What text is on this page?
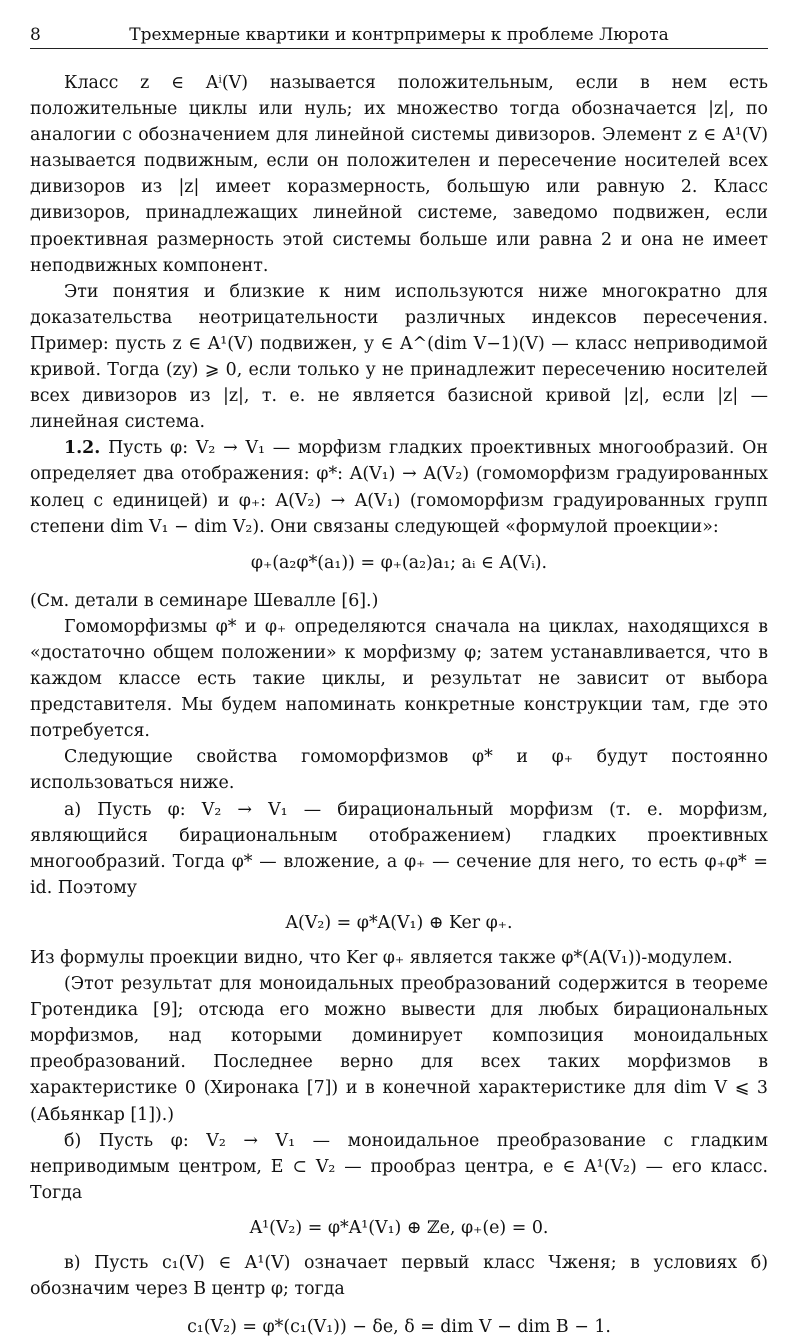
8	Трехмерные квартики и контрпримеры к проблеме Люрота

Класс z ∈ Aⁱ(V) называется положительным, если в нем есть положительные циклы или нуль; их множество тогда обозначается |z|, по аналогии с обозначением для линейной системы дивизоров. Элемент z ∈ A¹(V) называется подвижным, если он положителен и пересечение носителей всех дивизоров из |z| имеет коразмерность, большую или равную 2. Класс дивизоров, принадлежащих линейной системе, заведомо подвижен, если проективная размерность этой системы больше или равна 2 и она не имеет неподвижных компонент.

Эти понятия и близкие к ним используются ниже многократно для доказательства неотрицательности различных индексов пересечения. Пример: пусть z ∈ A¹(V) подвижен, y ∈ A^(dim V−1)(V) — класс неприводимой кривой. Тогда (zy) ⩾ 0, если только y не принадлежит пересечению носителей всех дивизоров из |z|, т. е. не является базисной кривой |z|, если |z| — линейная система.

1.2. Пусть φ: V₂ → V₁ — морфизм гладких проективных многообразий. Он определяет два отображения: φ*: A(V₁) → A(V₂) (гомоморфизм градуированных колец с единицей) и φ₊: A(V₂) → A(V₁) (гомоморфизм градуированных групп степени dim V₁ − dim V₂). Они связаны следующей «формулой проекции»:

φ₊(a₂φ*(a₁)) = φ₊(a₂)a₁; aᵢ ∈ A(Vᵢ).

(См. детали в семинаре Шевалле [6].)

Гомоморфизмы φ* и φ₊ определяются сначала на циклах, находящихся в «достаточно общем положении» к морфизму φ; затем устанавливается, что в каждом классе есть такие циклы, и результат не зависит от выбора представителя. Мы будем напоминать конкретные конструкции там, где это потребуется.

Следующие свойства гомоморфизмов φ* и φ₊ будут постоянно использоваться ниже.

а) Пусть φ: V₂ → V₁ — бирациональный морфизм (т. е. морфизм, являющийся бирациональным отображением) гладких проективных многообразий. Тогда φ* — вложение, а φ₊ — сечение для него, то есть φ₊φ* = id. Поэтому

A(V₂) = φ*A(V₁) ⊕ Ker φ₊.

Из формулы проекции видно, что Ker φ₊ является также φ*(A(V₁))-модулем.

(Этот результат для моноидальных преобразований содержится в теореме Гротендика [9]; отсюда его можно вывести для любых бирациональных морфизмов, над которыми доминирует композиция моноидальных преобразований. Последнее верно для всех таких морфизмов в характеристике 0 (Хиронака [7]) и в конечной характеристике для dim V ⩽ 3 (Абьянкар [1]).)

б) Пусть φ: V₂ → V₁ — моноидальное преобразование с гладким неприводимым центром, E ⊂ V₂ — прообраз центра, e ∈ A¹(V₂) — его класс. Тогда

A¹(V₂) = φ*A¹(V₁) ⊕ ℤe, φ₊(e) = 0.

в) Пусть c₁(V) ∈ A¹(V) означает первый класс Чженя; в условиях б) обозначим через B центр φ; тогда

c₁(V₂) = φ*(c₁(V₁)) − δe, δ = dim V − dim B − 1.
